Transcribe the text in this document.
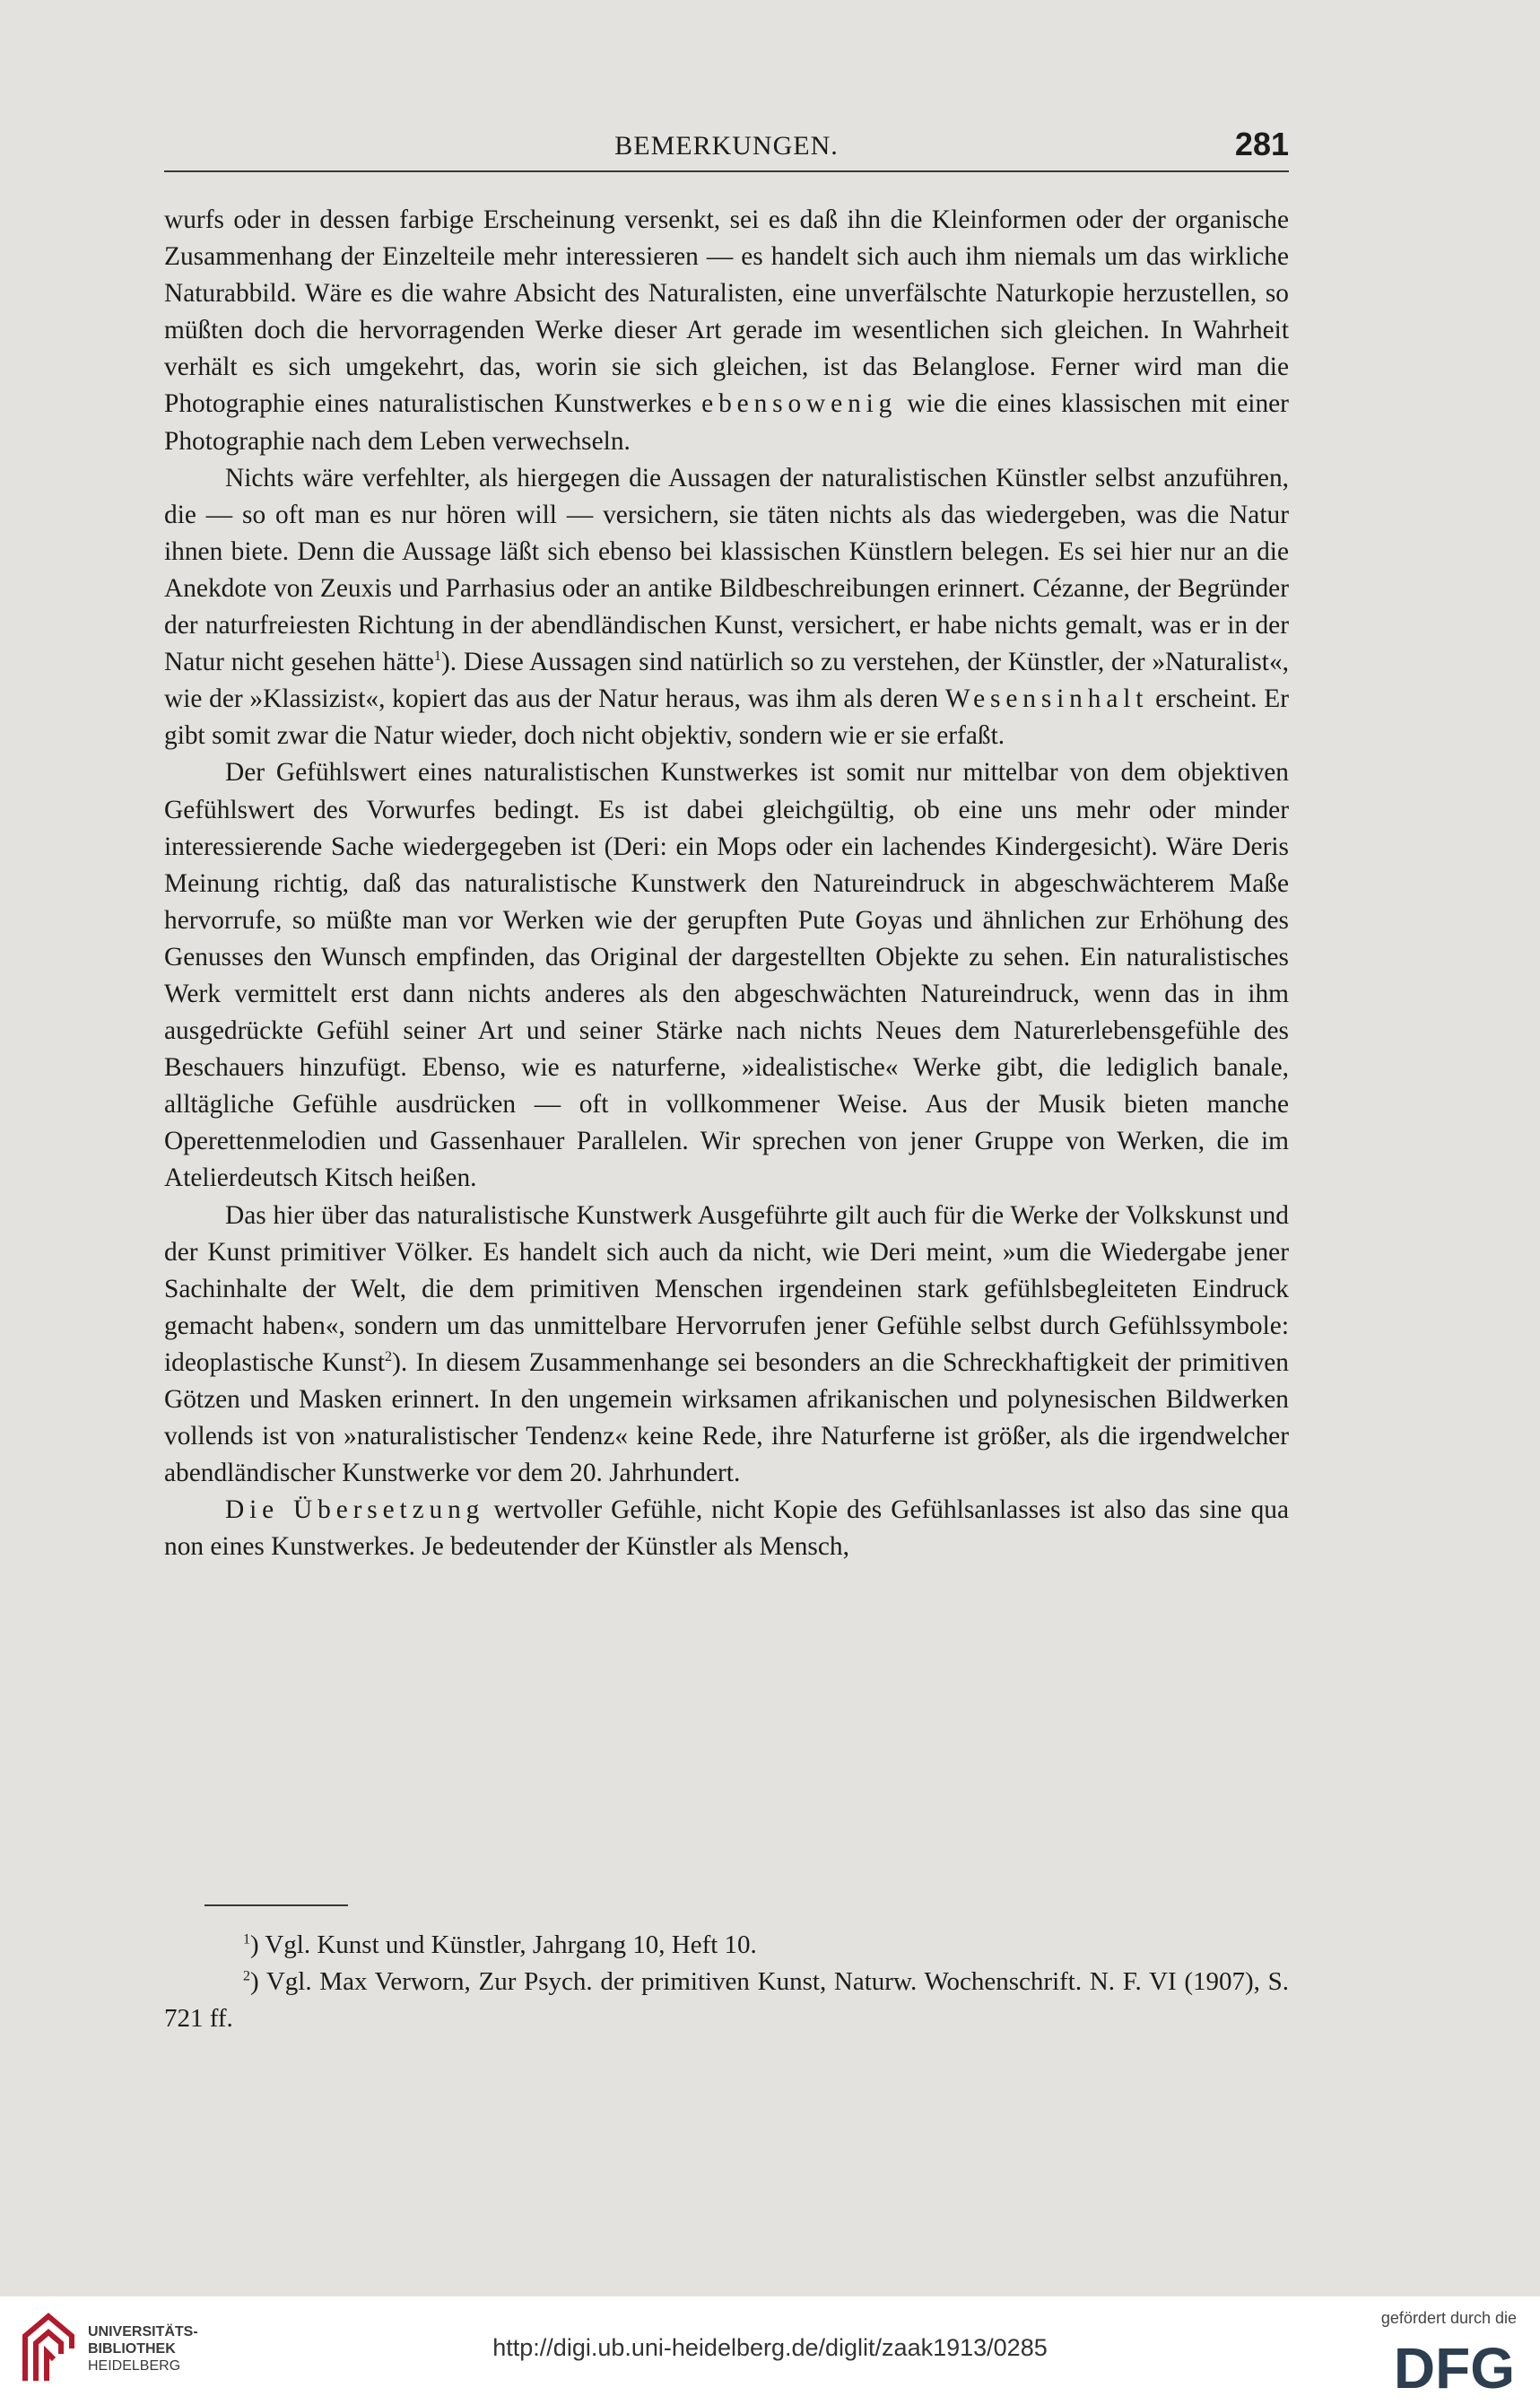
BEMERKUNGEN.	281

wurfs oder in dessen farbige Erscheinung versenkt, sei es daß ihn die Kleinformen oder der organische Zusammenhang der Einzelteile mehr interessieren — es handelt sich auch ihm niemals um das wirkliche Naturabbild. Wäre es die wahre Absicht des Naturalisten, eine unverfälschte Naturkopie herzustellen, so müßten doch die hervorragenden Werke dieser Art gerade im wesentlichen sich gleichen. In Wahrheit verhält es sich umgekehrt, das, worin sie sich gleichen, ist das Belanglose. Ferner wird man die Photographie eines naturalistischen Kunstwerkes ebensowenig wie die eines klassischen mit einer Photographie nach dem Leben verwechseln.

Nichts wäre verfehlter, als hiergegen die Aussagen der naturalistischen Künstler selbst anzuführen, die — so oft man es nur hören will — versichern, sie täten nichts als das wiedergeben, was die Natur ihnen biete. Denn die Aussage läßt sich ebenso bei klassischen Künstlern belegen. Es sei hier nur an die Anekdote von Zeuxis und Parrhasius oder an antike Bildbeschreibungen erinnert. Cézanne, der Begründer der naturfreiesten Richtung in der abendländischen Kunst, versichert, er habe nichts gemalt, was er in der Natur nicht gesehen hätte$^1$). Diese Aussagen sind natürlich so zu verstehen, der Künstler, der »Naturalist«, wie der »Klassizist«, kopiert das aus der Natur heraus, was ihm als deren Wesensinhalt erscheint. Er gibt somit zwar die Natur wieder, doch nicht objektiv, sondern wie er sie erfaßt.

Der Gefühlswert eines naturalistischen Kunstwerkes ist somit nur mittelbar von dem objektiven Gefühlswert des Vorwurfes bedingt. Es ist dabei gleichgültig, ob eine uns mehr oder minder interessierende Sache wiedergegeben ist (Deri: ein Mops oder ein lachendes Kindergesicht). Wäre Deris Meinung richtig, daß das naturalistische Kunstwerk den Natureindruck in abgeschwächterem Maße hervorrufe, so müßte man vor Werken wie der gerupften Pute Goyas und ähnlichen zur Erhöhung des Genusses den Wunsch empfinden, das Original der dargestellten Objekte zu sehen. Ein naturalistisches Werk vermittelt erst dann nichts anderes als den abgeschwächten Natureindruck, wenn das in ihm ausgedrückte Gefühl seiner Art und seiner Stärke nach nichts Neues dem Naturerlebensgefühle des Beschauers hinzufügt. Ebenso, wie es naturferne, »idealistische« Werke gibt, die lediglich banale, alltägliche Gefühle ausdrücken — oft in vollkommener Weise. Aus der Musik bieten manche Operettenmelodien und Gassenhauer Parallelen. Wir sprechen von jener Gruppe von Werken, die im Atelierdeutsch Kitsch heißen.

Das hier über das naturalistische Kunstwerk Ausgeführte gilt auch für die Werke der Volkskunst und der Kunst primitiver Völker. Es handelt sich auch da nicht, wie Deri meint, »um die Wiedergabe jener Sachinhalte der Welt, die dem primitiven Menschen irgendeinen stark gefühlsbegleiteten Eindruck gemacht haben«, sondern um das unmittelbare Hervorrufen jener Gefühle selbst durch Gefühlssymbole: ideoplastische Kunst$^2$). In diesem Zusammenhange sei besonders an die Schreckhaftigkeit der primitiven Götzen und Masken erinnert. In den ungemein wirksamen afrikanischen und polynesischen Bildwerken vollends ist von »naturalistischer Tendenz« keine Rede, ihre Naturferne ist größer, als die irgendwelcher abendländischer Kunstwerke vor dem 20. Jahrhundert.

Die Übersetzung wertvoller Gefühle, nicht Kopie des Gefühlsanlasses ist also das sine qua non eines Kunstwerkes. Je bedeutender der Künstler als Mensch,

$^1$) Vgl. Kunst und Künstler, Jahrgang 10, Heft 10.

$^2$) Vgl. Max Verworn, Zur Psych. der primitiven Kunst, Naturw. Wochenschrift. N. F. VI (1907), S. 721 ff.

UNIVERSITÄTS-
BIBLIOTHEK
HEIDELBERG
http://digi.ub.uni-heidelberg.de/diglit/zaak1913/0285
gefördert durch die
DFG
